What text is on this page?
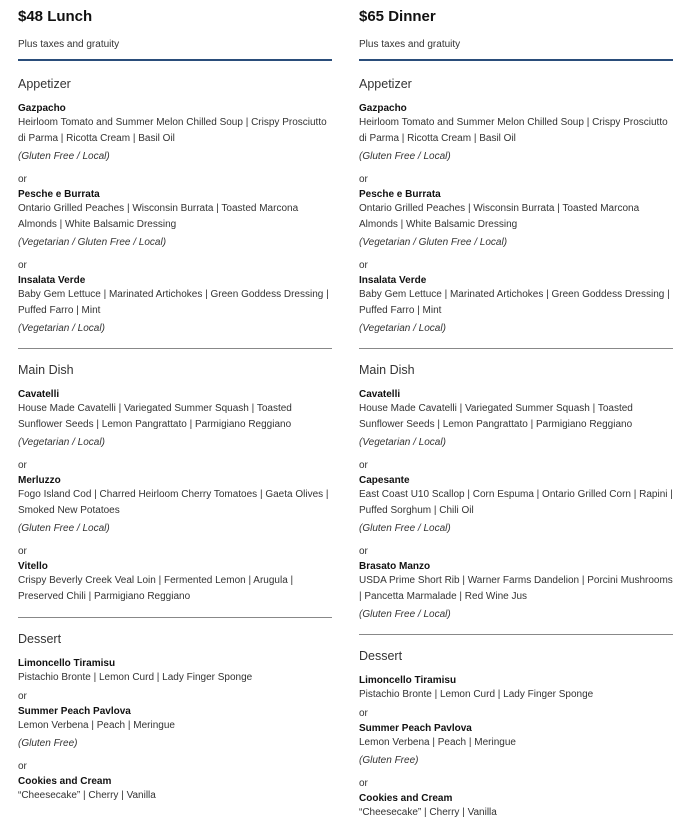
$48 Lunch
Plus taxes and gratuity
Appetizer
Gazpacho
Heirloom Tomato and Summer Melon Chilled Soup | Crispy Prosciutto di Parma | Ricotta Cream | Basil Oil
(Gluten Free / Local)
or
Pesche e Burrata
Ontario Grilled Peaches | Wisconsin Burrata | Toasted Marcona Almonds | White Balsamic Dressing
(Vegetarian / Gluten Free / Local)
or
Insalata Verde
Baby Gem Lettuce | Marinated Artichokes | Green Goddess Dressing | Puffed Farro | Mint
(Vegetarian / Local)
Main Dish
Cavatelli
House Made Cavatelli | Variegated Summer Squash | Toasted Sunflower Seeds | Lemon Pangrattato | Parmigiano Reggiano
(Vegetarian / Local)
or
Merluzzo
Fogo Island Cod | Charred Heirloom Cherry Tomatoes | Gaeta Olives | Smoked New Potatoes
(Gluten Free / Local)
or
Vitello
Crispy Beverly Creek Veal Loin | Fermented Lemon | Arugula | Preserved Chili | Parmigiano Reggiano
Dessert
Limoncello Tiramisu
Pistachio Bronte | Lemon Curd | Lady Finger Sponge
or
Summer Peach Pavlova
Lemon Verbena | Peach | Meringue
(Gluten Free)
or
Cookies and Cream
“Cheesecake” | Cherry | Vanilla
$65 Dinner
Plus taxes and gratuity
Appetizer
Gazpacho
Heirloom Tomato and Summer Melon Chilled Soup | Crispy Prosciutto di Parma | Ricotta Cream | Basil Oil
(Gluten Free / Local)
or
Pesche e Burrata
Ontario Grilled Peaches | Wisconsin Burrata | Toasted Marcona Almonds | White Balsamic Dressing
(Vegetarian / Gluten Free / Local)
or
Insalata Verde
Baby Gem Lettuce | Marinated Artichokes | Green Goddess Dressing | Puffed Farro | Mint
(Vegetarian / Local)
Main Dish
Cavatelli
House Made Cavatelli | Variegated Summer Squash | Toasted Sunflower Seeds | Lemon Pangrattato | Parmigiano Reggiano
(Vegetarian / Local)
or
Capesante
East Coast U10 Scallop | Corn Espuma | Ontario Grilled Corn | Rapini | Puffed Sorghum | Chili Oil
(Gluten Free / Local)
or
Brasato Manzo
USDA Prime Short Rib | Warner Farms Dandelion | Porcini Mushrooms | Pancetta Marmalade | Red Wine Jus
(Gluten Free / Local)
Dessert
Limoncello Tiramisu
Pistachio Bronte | Lemon Curd | Lady Finger Sponge
or
Summer Peach Pavlova
Lemon Verbena | Peach | Meringue
(Gluten Free)
or
Cookies and Cream
“Cheesecake” | Cherry | Vanilla
